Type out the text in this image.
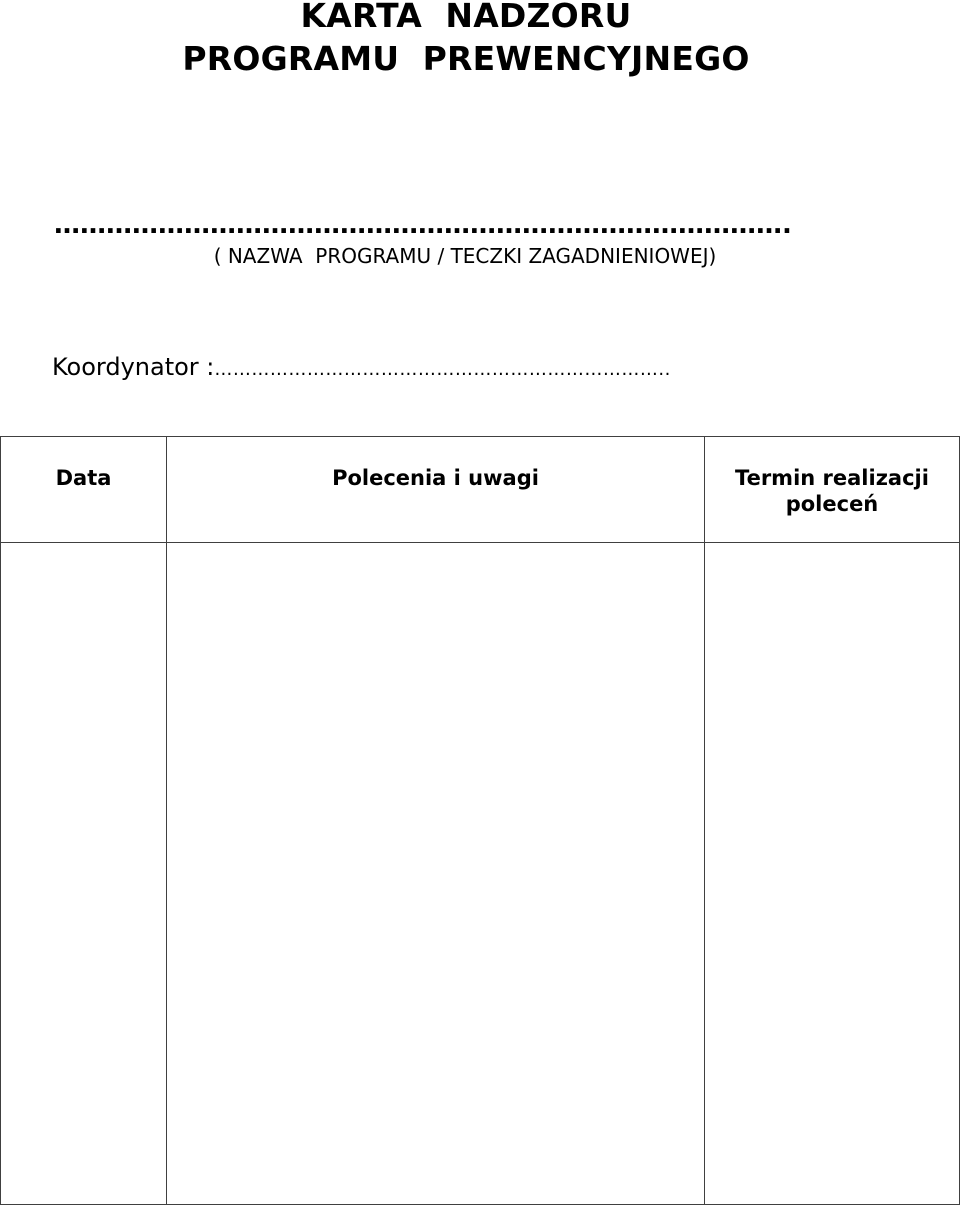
KARTA  NADZORU
PROGRAMU  PREWENCYJNEGO
………………………………………………………………………….
( NAZWA  PROGRAMU / TECZKI ZAGADNIENIOWEJ)
Koordynator :………………………………………………………………..
Data	Polecenia i uwagi	Termin realizacji
poleceń
